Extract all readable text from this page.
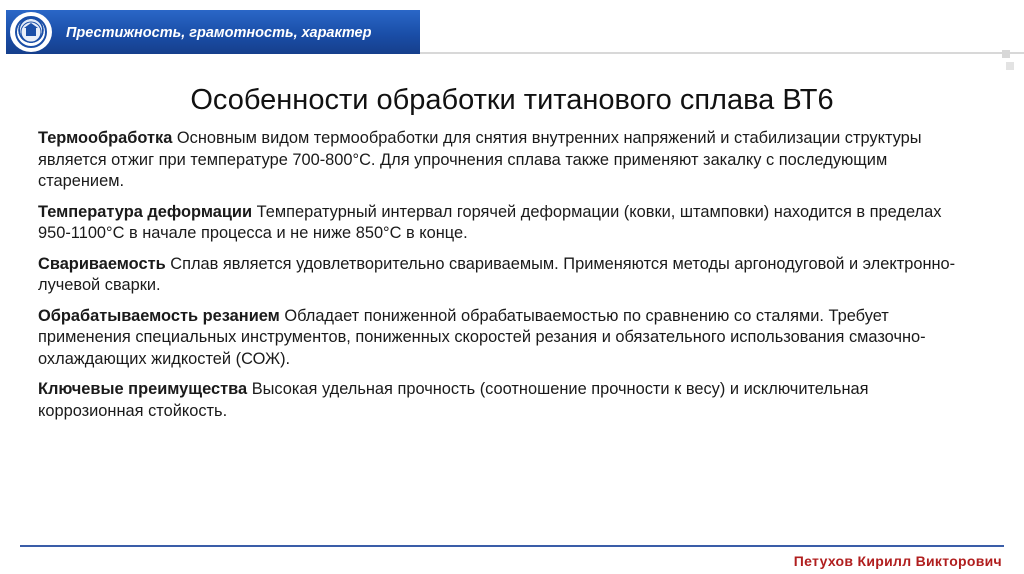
Престижность, грамотность, характер
Особенности обработки титанового сплава ВТ6

Термообработка Основным видом термообработки для снятия внутренних напряжений и стабилизации структуры является отжиг при температуре 700-800°С. Для упрочнения сплава также применяют закалку с последующим старением.

Температура деформации Температурный интервал горячей деформации (ковки, штамповки) находится в пределах 950-1100°С в начале процесса и не ниже 850°С в конце.

Свариваемость Сплав является удовлетворительно свариваемым. Применяются методы аргонодуговой и электронно-лучевой сварки.

Обрабатываемость резанием Обладает пониженной обрабатываемостью по сравнению со сталями. Требует применения специальных инструментов, пониженных скоростей резания и обязательного использования смазочно-охлаждающих жидкостей (СОЖ).

Ключевые преимущества Высокая удельная прочность (соотношение прочности к весу) и исключительная коррозионная стойкость.

Петухов Кирилл Викторович
